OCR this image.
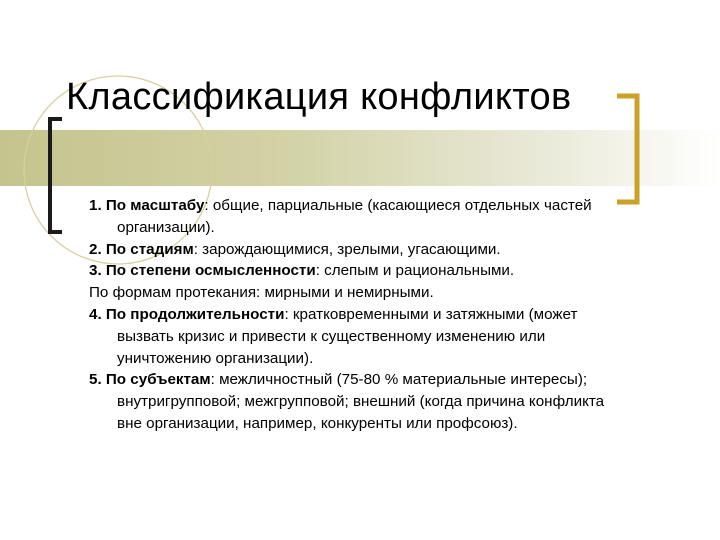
Классификация конфликтов

1. По масштабу: общие, парциальные (касающиеся отдельных частей организации).

2. По стадиям: зарождающимися, зрелыми, угасающими.

3. По степени осмысленности: слепым и рациональными.

По формам протекания: мирными и немирными.

4. По продолжительности: кратковременными и затяжными (может вызвать кризис и привести к существенному изменению или уничтожению организации).

5. По субъектам: межличностный (75-80 % материальные интересы); внутригрупповой; межгрупповой; внешний (когда причина конфликта вне организации, например, конкуренты или профсоюз).
